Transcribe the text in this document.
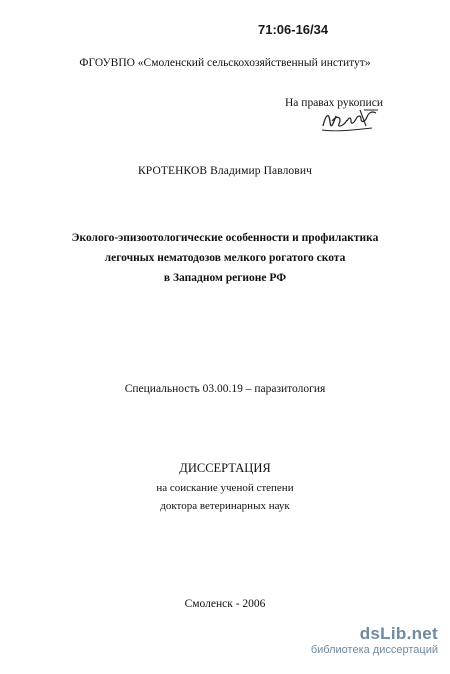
71:06-16/34
ФГОУВПО «Смоленский сельскохозяйственный институт»
На правах рукописи
КРОТЕНКОВ Владимир Павлович
Эколого-эпизоотологические особенности и профилактика
легочных нематодозов мелкого рогатого скота
в Западном регионе РФ
Специальность 03.00.19 – паразитология
ДИССЕРТАЦИЯ
на соискание ученой степени
доктора ветеринарных наук
Смоленск - 2006
dsLib.net
библиотека диссертаций
